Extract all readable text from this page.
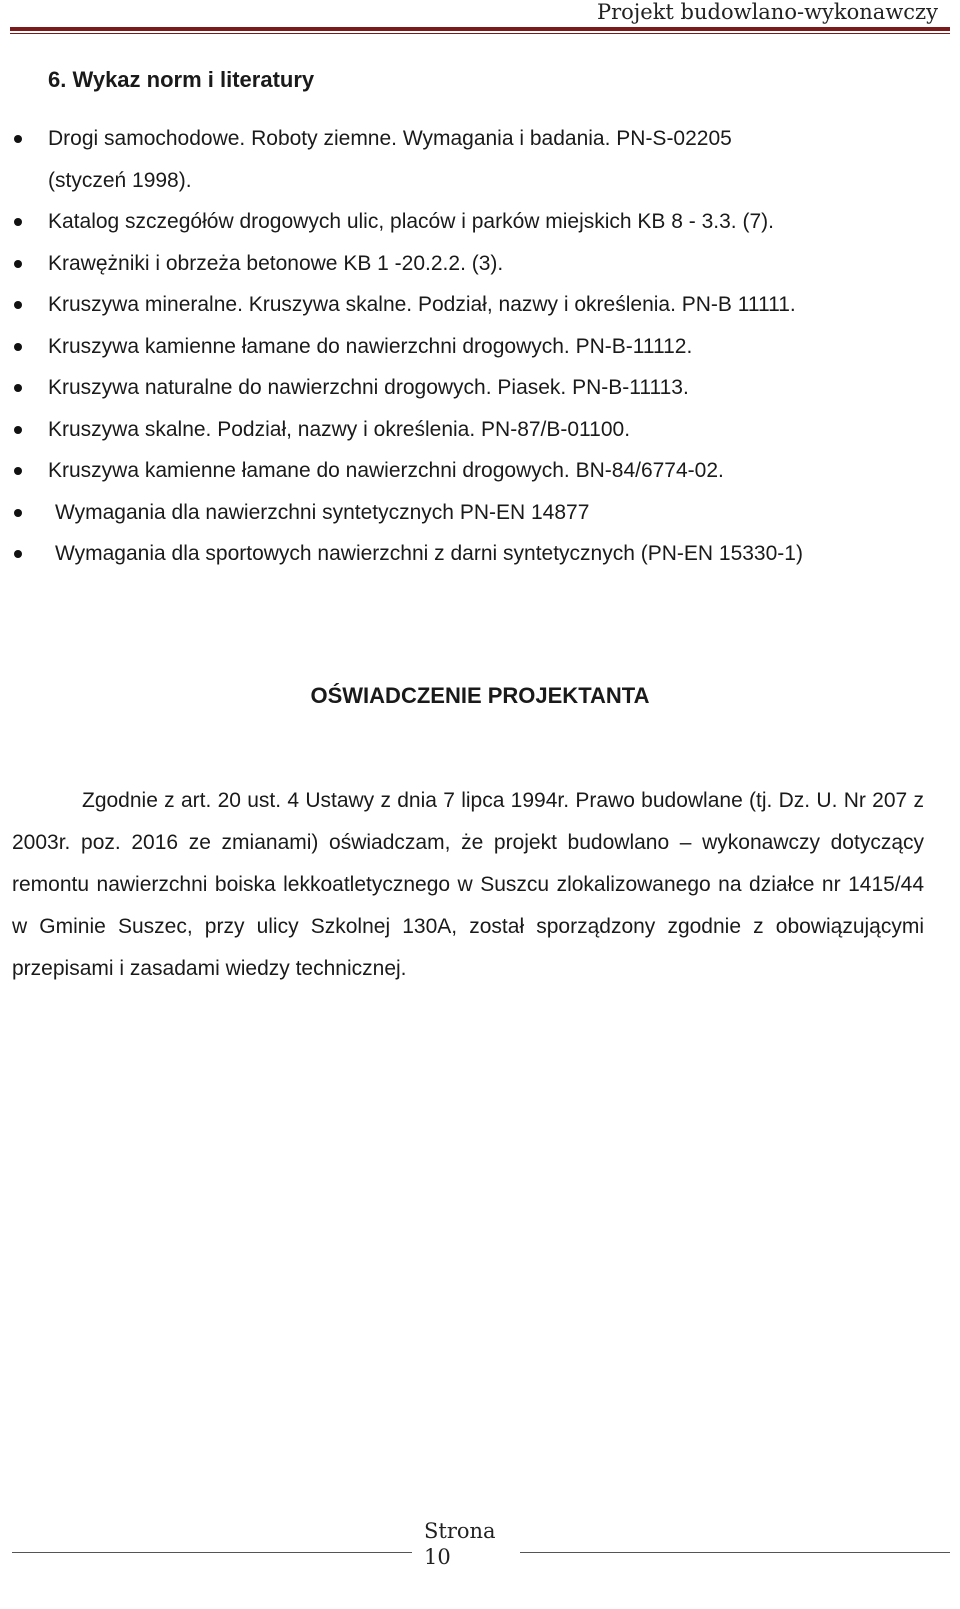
Projekt budowlano-wykonawczy
6. Wykaz norm i literatury
Drogi samochodowe. Roboty ziemne. Wymagania i badania. PN-S-02205
(styczeń 1998).
Katalog szczegółów drogowych ulic, placów i parków miejskich KB 8 - 3.3. (7).
Krawężniki i obrzeża betonowe KB 1 -20.2.2. (3).
Kruszywa mineralne. Kruszywa skalne. Podział, nazwy i określenia. PN-B 11111.
Kruszywa kamienne łamane do nawierzchni drogowych. PN-B-11112.
Kruszywa naturalne do nawierzchni drogowych. Piasek. PN-B-11113.
Kruszywa skalne. Podział, nazwy i określenia. PN-87/B-01100.
Kruszywa kamienne łamane do nawierzchni drogowych. BN-84/6774-02.
Wymagania dla nawierzchni syntetycznych PN-EN 14877
Wymagania dla sportowych nawierzchni z darni syntetycznych (PN-EN 15330-1)
OŚWIADCZENIE PROJEKTANTA

Zgodnie z art. 20 ust. 4 Ustawy z dnia 7 lipca 1994r. Prawo budowlane (tj. Dz. U. Nr 207 z 2003r. poz. 2016 ze zmianami) oświadczam, że projekt budowlano – wykonawczy dotyczący remontu nawierzchni boiska lekkoatletycznego w Suszcu zlokalizowanego na działce nr 1415/44 w Gminie Suszec, przy ulicy Szkolnej 130A, został sporządzony zgodnie z obowiązującymi przepisami i zasadami wiedzy technicznej.

Strona
10
